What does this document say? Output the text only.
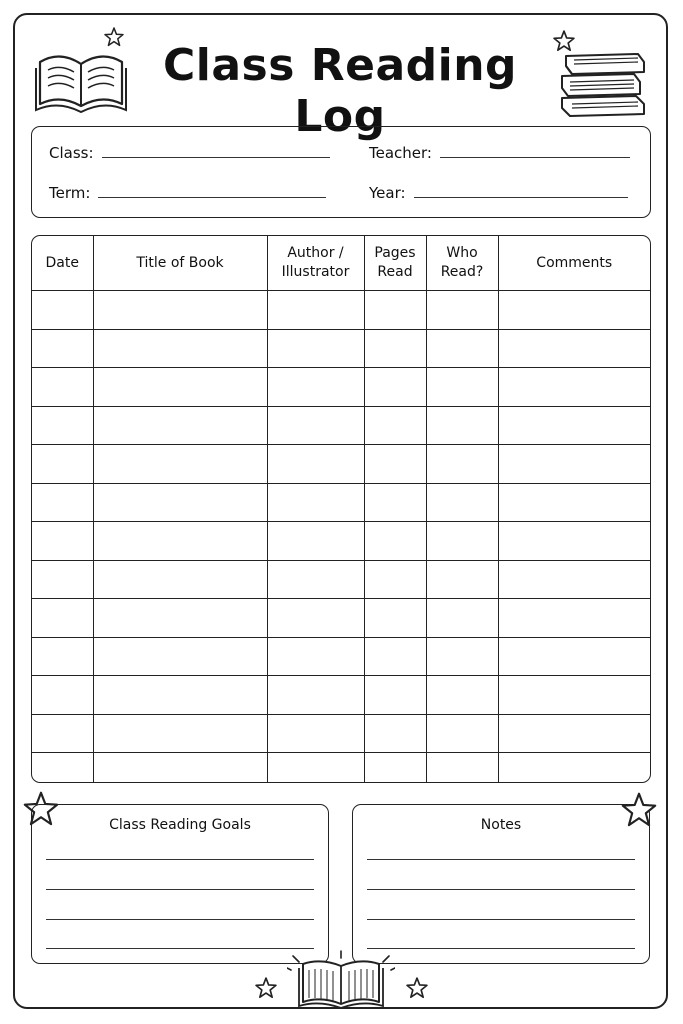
Class Reading Log
Class:	Teacher:
Term:	Year:
Date	Title of Book	Author / Illustrator	Pages Read	Who Read?	Comments

Class Reading Goals	Notes
